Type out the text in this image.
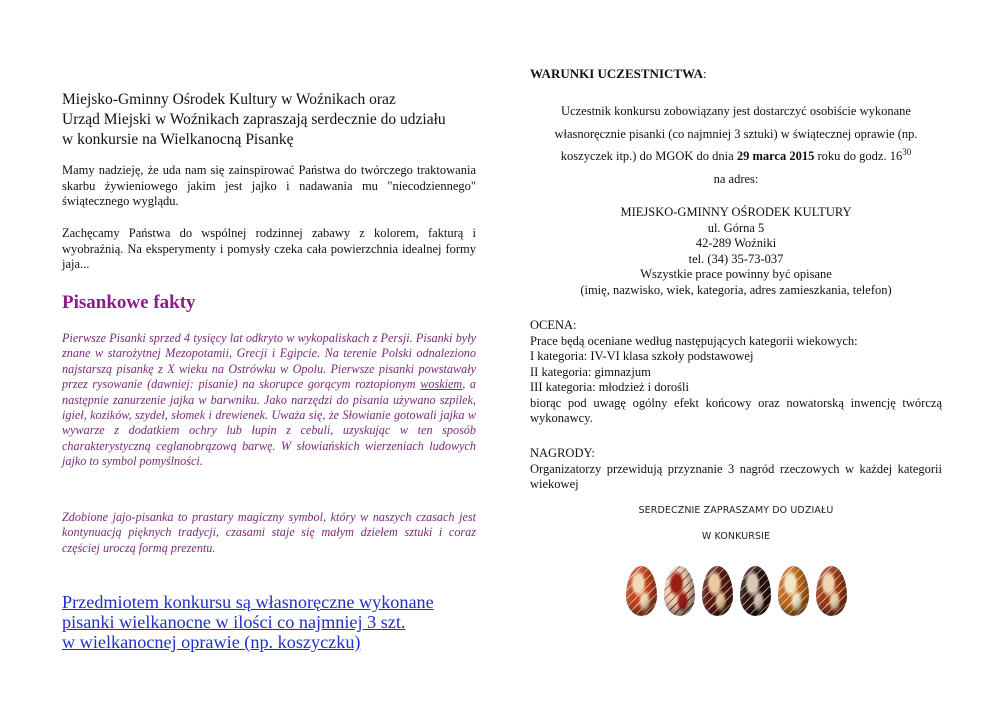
Miejsko-Gminny Ośrodek Kultury w Woźnikach oraz
Urząd Miejski w Woźnikach zapraszają serdecznie do udziału
w konkursie na Wielkanocną Pisankę

Mamy nadzieję, że uda nam się zainspirować Państwa do twórczego traktowania skarbu żywieniowego jakim jest jajko i nadawania mu "niecodziennego" świątecznego wyglądu.

Zachęcamy Państwa do wspólnej rodzinnej zabawy z kolorem, fakturą i wyobraźnią. Na eksperymenty i pomysły czeka cała powierzchnia idealnej formy jaja...

Pisankowe fakty

Pierwsze Pisanki sprzed 4 tysięcy lat odkryto w wykopaliskach z Persji. Pisanki były znane w starożytnej Mezopotamii, Grecji i Egipcie. Na terenie Polski odnaleziono najstarszą pisankę z X wieku na Ostrówku w Opolu. Pierwsze pisanki powstawały przez rysowanie (dawniej: pisanie) na skorupce gorącym roztopionym woskiem, a następnie zanurzenie jajka w barwniku. Jako narzędzi do pisania używano szpilek, igieł, kozików, szydeł, słomek i drewienek. Uważa się, że Słowianie gotowali jajka w wywarze z dodatkiem ochry lub łupin z cebuli, uzyskując w ten sposób charakterystyczną ceglanobrązową barwę. W słowiańskich wierzeniach ludowych jajko to symbol pomyślności.

Zdobione jajo-pisanka to prastary magiczny symbol, który w naszych czasach jest kontynuacją pięknych tradycji, czasami staje się małym dziełem sztuki i coraz częściej uroczą formą prezentu.

Przedmiotem konkursu są własnoręczne wykonane
pisanki wielkanocne w ilości co najmniej 3 szt.
w wielkanocnej oprawie (np. koszyczku)
WARUNKI UCZESTNICTWA:
Uczestnik konkursu zobowiązany jest dostarczyć osobiście wykonane własnoręcznie pisanki (co najmniej 3 sztuki) w świątecznej oprawie (np. koszyczek itp.) do MGOK do dnia 29 marca 2015 roku do godz. $16^{30}$
na adres:
MIEJSKO-GMINNY OŚRODEK KULTURY
ul. Górna 5
42-289 Woźniki
tel. (34) 35-73-037
Wszystkie prace powinny być opisane
(imię, nazwisko, wiek, kategoria, adres zamieszkania, telefon)
OCENA:
Prace będą oceniane według następujących kategorii wiekowych:
I kategoria: IV-VI klasa szkoły podstawowej
II kategoria: gimnazjum
III kategoria: młodzież i dorośli
biorąc pod uwagę ogólny efekt końcowy oraz nowatorską inwencję twórczą wykonawcy.
NAGRODY:
Organizatorzy przewidują przyznanie 3 nagród rzeczowych w każdej kategorii wiekowej
SERDECZNIE ZAPRASZAMY DO UDZIAŁU
W KONKURSIE
